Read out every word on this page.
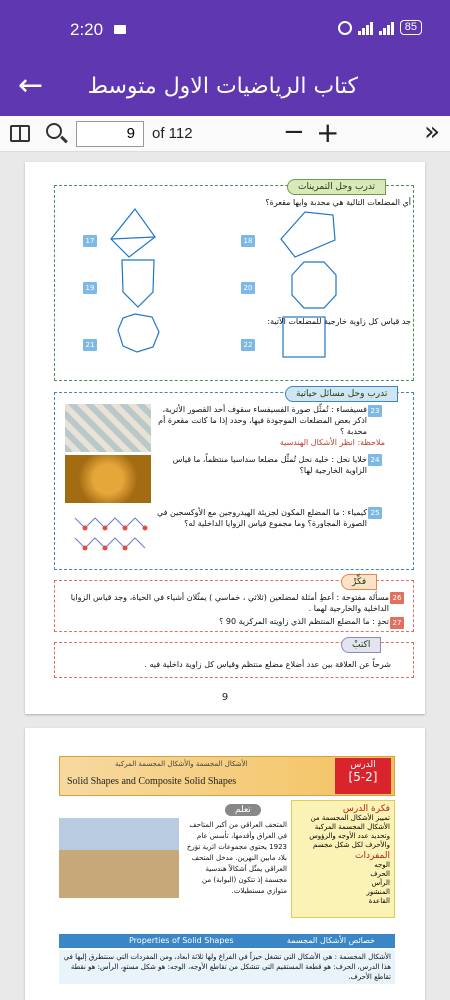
2:20	85
← كتاب الرياضيات الاول متوسط
9	of 112	− +	»
تدرب وحل التمرينات
أي المضلعات التالية هي محدبة وايها مقعرة؟
17	18
19	20
21	22
جد قياس كل زاوية خارجية للمضلعات الآتية:
تدرب وحل مسائل حياتية
23
فسيفساء : تُمثِّل صورة الفسيفساء سقوف أحد القصور الأثرية، اذكر بعض المضلعات الموجودة فيها، وحدد إذا ما كانت مقعرة أم محدبة ؟
ملاحظة: انظر الأشكال الهندسية
24
خلايا نحل : خلية نحل تُمثِّل مضلعا سداسيا منتظماً، ما قياس الزاوية الخارجية لها؟
25
كيمياء : ما المضلع المكون لجزيئة الهيدروجين مع الأوكسجين في الصورة المجاورة؟ وما مجموع قياس الزوايا الداخلية له؟
فكِّرْ
26
مسألة مفتوحة : أعطِ أمثلة لمضلعين (ثلاثي ، خماسي ) يمثّلان أشياء في الحياة، وجد قياس الزوايا الداخلية والخارجية لهما .
27
تحدٍ : ما المضلع المنتظم الذي زاويته المركزية 90 ؟
اكتبْ
شرحاً عن العلاقة بين عدد أضلاع مضلع منتظم وقياس كل زاوية داخلية فيه .
9
الأشكال المجسمة والأشكال المجسمة المركبة
Solid Shapes and Composite Solid Shapes
الدرس
[5-2]
تعلم
المتحف العراقي من أكبر المتاحف في العراق وأقدمها، تأسس عام 1923 يحتوي مجموعات اثرية تؤرخ بلاد مابين النهرين. مدخل المتحف العراقي يمثّل أشكالاً هندسية مجسمة إذ تتكون (البوابة) من متوازي مستطيلات.
فكرة الدرس
تمييز الأشكال المجسمة من الأشكال المجسمة المركبة وتحديد عدد الأوجه والرؤوس والأحرف لكل شكل مجسم
المفردات
الوجه
الحرف
الرأس
المنشور
القاعدة
Properties of Solid Shapes	خصائص الأشكال المجسمة
الأشكال المجسمة : هي الأشكال التي تشغل حيزاً في الفراغ ولها ثلاثة ابعاد، ومن المفردات التي سنتطرق إليها في هذا الدرس، الحرف: هو قطعة المستقيم التي تتشكل من تقاطع الأوجه، الوجه: هو شكل مستوٍ، الرأس: هو نقطة تقاطع الأحرف.
